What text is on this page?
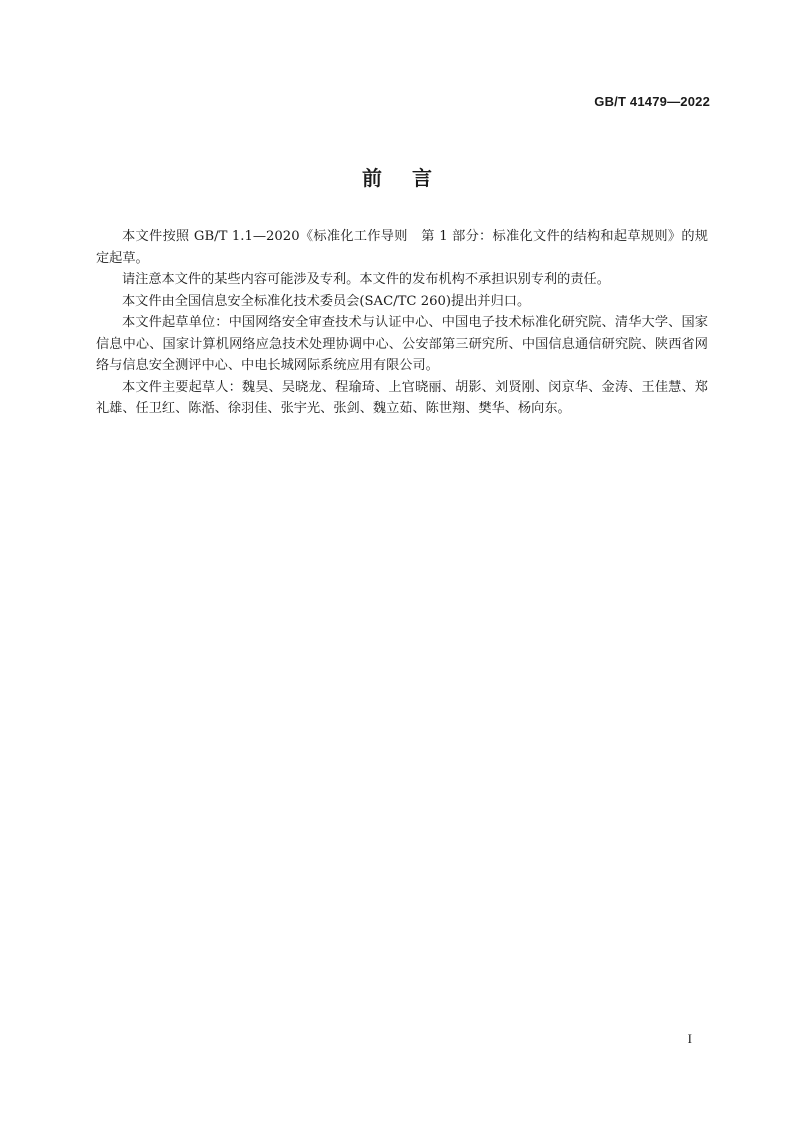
GB/T 41479—2022
前言

本文件按照 GB/T 1.1—2020《标准化工作导则　第 1 部分：标准化文件的结构和起草规则》的规定起草。

请注意本文件的某些内容可能涉及专利。本文件的发布机构不承担识别专利的责任。

本文件由全国信息安全标准化技术委员会(SAC/TC 260)提出并归口。

本文件起草单位：中国网络安全审查技术与认证中心、中国电子技术标准化研究院、清华大学、国家信息中心、国家计算机网络应急技术处理协调中心、公安部第三研究所、中国信息通信研究院、陕西省网络与信息安全测评中心、中电长城网际系统应用有限公司。

本文件主要起草人：魏昊、吴晓龙、程瑜琦、上官晓丽、胡影、刘贤刚、闵京华、金涛、王佳慧、郑礼雄、任卫红、陈湉、徐羽佳、张宇光、张剑、魏立茹、陈世翔、樊华、杨向东。

I
